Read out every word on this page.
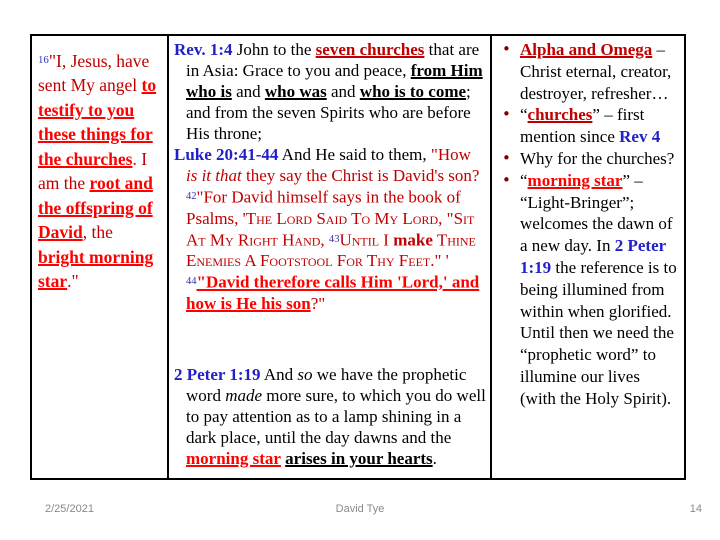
$^{16}$"I, Jesus, have sent My angel to testify to you these things for the churches. I am the root and the offspring of David, the bright morning star."

Rev. 1:4 John to the seven churches that are in Asia: Grace to you and peace, from Him who is and who was and who is to come; and from the seven Spirits who are before His throne;

Luke 20:41-44 And He said to them, "How is it that they say the Christ is David's son? $^{42}$"For David himself says in the book of Psalms, 'The Lord Said To My Lord, "Sit At My Right Hand, $^{43}$Until I make Thine Enemies A Footstool For Thy Feet." ' $^{44}$"David therefore calls Him 'Lord,' and how is He his son?"

2 Peter 1:19 And so we have the prophetic word made more sure, to which you do well to pay attention as to a lamp shining in a dark place, until the day dawns and the morning star arises in your hearts.

• Alpha and Omega – Christ eternal, creator, destroyer, refresher…
• “churches” – first mention since Rev 4
• Why for the churches?
• “morning star” – “Light-Bringer”; welcomes the dawn of a new day. In 2 Peter 1:19 the reference is to being illumined from within when glorified. Until then we need the “prophetic word” to illumine our lives (with the Holy Spirit).
2/25/2021	David Tye	14
